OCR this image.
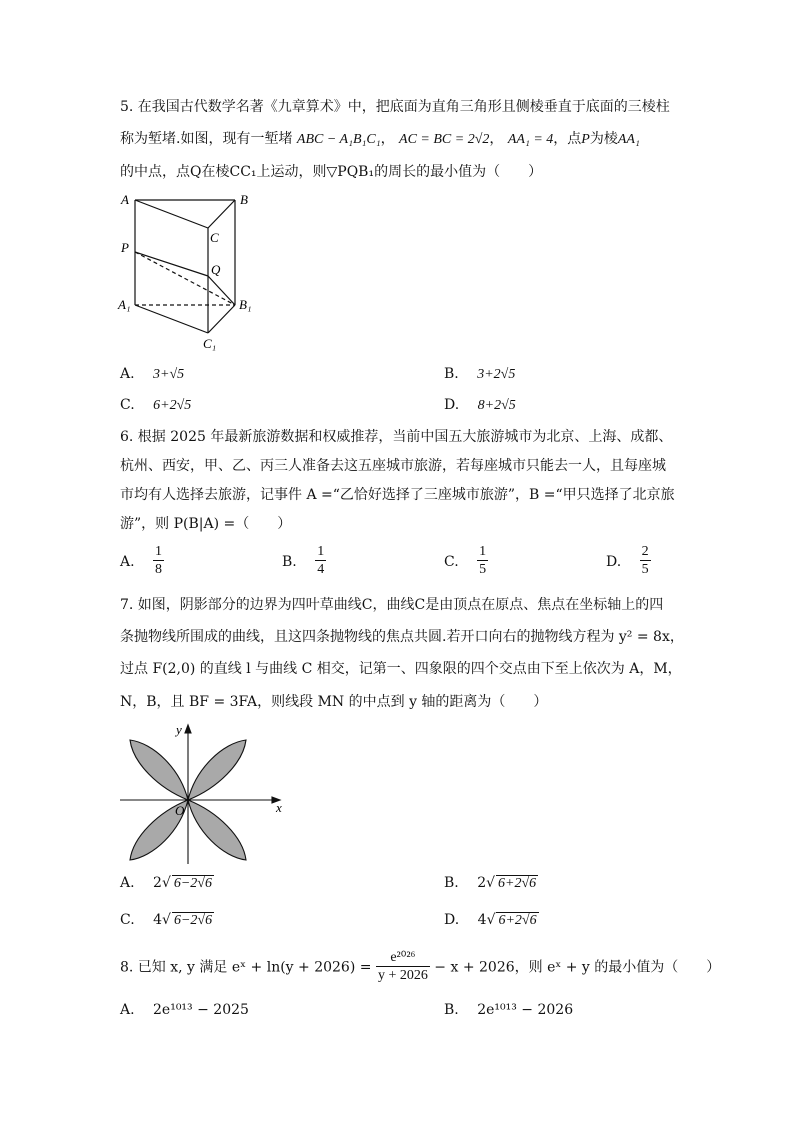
5. 在我国古代数学名著《九章算术》中，把底面为直角三角形且侧棱垂直于底面的三棱柱
称为堑堵.如图，现有一堑堵 ABC − A₁B₁C₁， AC = BC = 2√2， AA₁ = 4，点P为棱AA₁
的中点，点Q在棱CC₁上运动，则▽PQB₁的周长的最小值为（　　）
A	B
C
P
Q
A₁	B₁
C₁
A. 3+√5	B. 3+2√5
C. 6+2√5	D. 8+2√5
6. 根据 2025 年最新旅游数据和权威推荐，当前中国五大旅游城市为北京、上海、成都、
杭州、西安，甲、乙、丙三人准备去这五座城市旅游，若每座城市只能去一人，且每座城
市均有人选择去旅游，记事件 A =“乙恰好选择了三座城市旅游”，B =“甲只选择了北京旅
游”，则 P(B|A) =（　　）
A. $\frac{1}{8}$	B. $\frac{1}{4}$	C. $\frac{1}{5}$	D. $\frac{2}{5}$
7. 如图，阴影部分的边界为四叶草曲线C，曲线C是由顶点在原点、焦点在坐标轴上的四
条抛物线所围成的曲线，且这四条抛物线的焦点共圆.若开口向右的抛物线方程为 y² = 8x，
过点 F(2,0) 的直线 l 与曲线 C 相交，记第一、四象限的四个交点由下至上依次为 A，M，
N，B，且 BF = 3FA，则线段 MN 的中点到 y 轴的距离为（　　）
x
y
O
A. 2√ 6−2√6	B. 2√ 6+2√6
C. 4√ 6−2√6	D. 4√ 6+2√6
8. 已知 x, y 满足 eˣ + $\ln(y + 2026) = \frac{\text{e²⁰²⁶}}{y + 2026} - x + 2026$，则 eˣ + y 的最小值为（　　）
A. 2e¹⁰¹³ − 2025	B. 2e¹⁰¹³ − 2026
